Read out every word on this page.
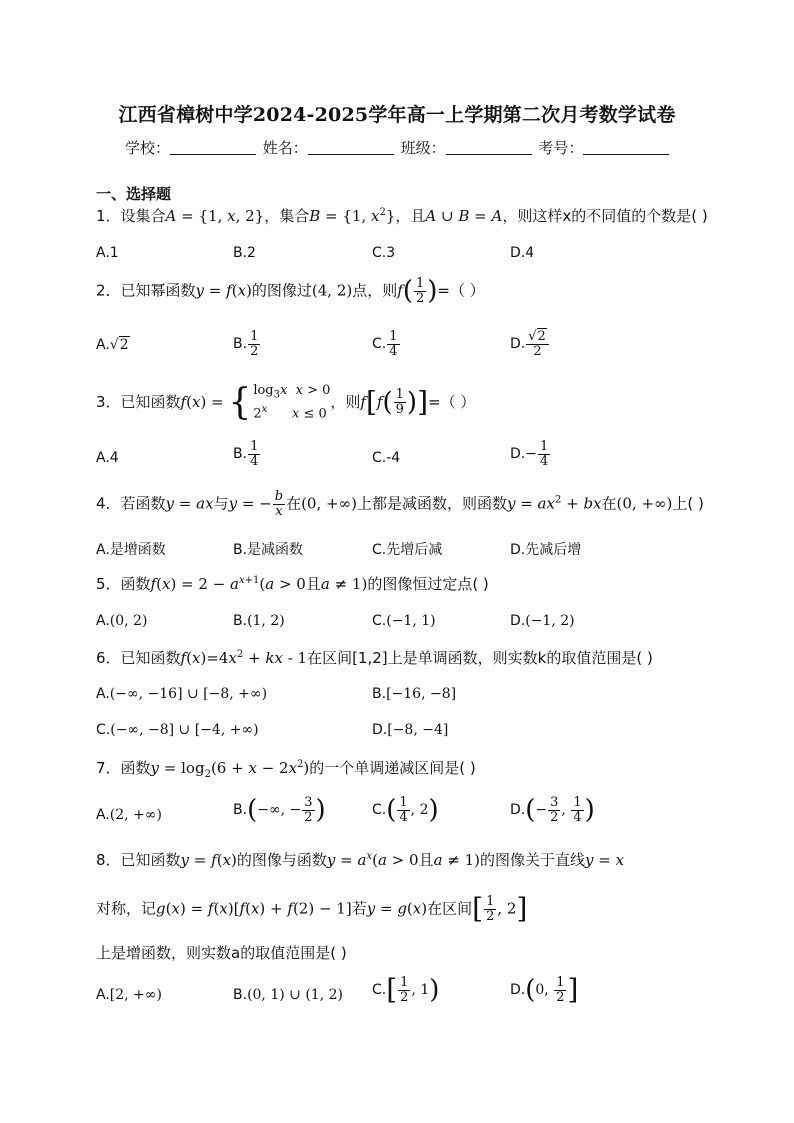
江西省樟树中学2024-2025学年高一上学期第二次月考数学试卷
学校：	姓名：	班级：	考号：
一、选择题
1．设集合A = {1, x, 2}，集合B = {1, $x^2$}，且A ∪ B = A，则这样x的不同值的个数是( )
A.1	B.2	C.3	D.4
2．已知幂函数y = f(x)的图像过(4, 2)点，则$f( \frac{1}{2}$ )=（ ）
A.√2	B. $\frac{1}{2}$	C. $\frac{1}{4}$	D. $\frac{√2}{2}$
3．已知函数f(x) = { $\log_3x$ x > 0
2$^x$ x ≤ 0
，则$f[f( \frac{1}{9}$ )]=（ ）
A.4	B. $\frac{1}{4}$	C.-4	$D.- \frac{1}{4}$
4．若函数y = ax与y = − $\frac{b}{x}$ 在(0, +∞)上都是减函数，则函数$y = ax^2$ + bx在(0, +∞)上( )
A.是增函数	B.是减函数	C.先增后减	D.先减后增
5．函数$f(x) = 2 - a^{x+1}(a > 0$且a ≠ 1)的图像恒过定点( )
A.(0, 2)	B.(1, 2)	C.(−1, 1)	D.(−1, 2)
6．已知函数$f(x)=4x^2$ + kx - 1在区间[1,2]上是单调函数，则实数k的取值范围是( )
A.(−∞, −16] ∪ [−8, +∞)	B.[−16, −8]
C.(−∞, −8] ∪ [−4, +∞)	D.[−8, −4]
7．函数$y = \log_2(6 + x - 2x^2)$的一个单调递减区间是( )
A.(2, +∞)	B.(−∞, − $\frac{3}{2}$ )	$C.( \frac{1}{4}$ , 2)	$D.(- \frac{3}{2}$ , $\frac{1}{4}$ )
8．已知函数y = f(x)的图像与函数$y = a^x(a > 0$且a ≠ 1)的图像关于直线y = x
对称，记g(x) = f(x)[f(x) + f(2) − 1]若y = g(x)在区间[ $\frac{1}{2}$ , 2]
上是增函数，则实数a的取值范围是( )
A.[2, +∞)	B.(0, 1) ∪ (1, 2) $C.[ \frac{1}{2}$ , 1)	D.(0, $\frac{1}{2}$ ]
